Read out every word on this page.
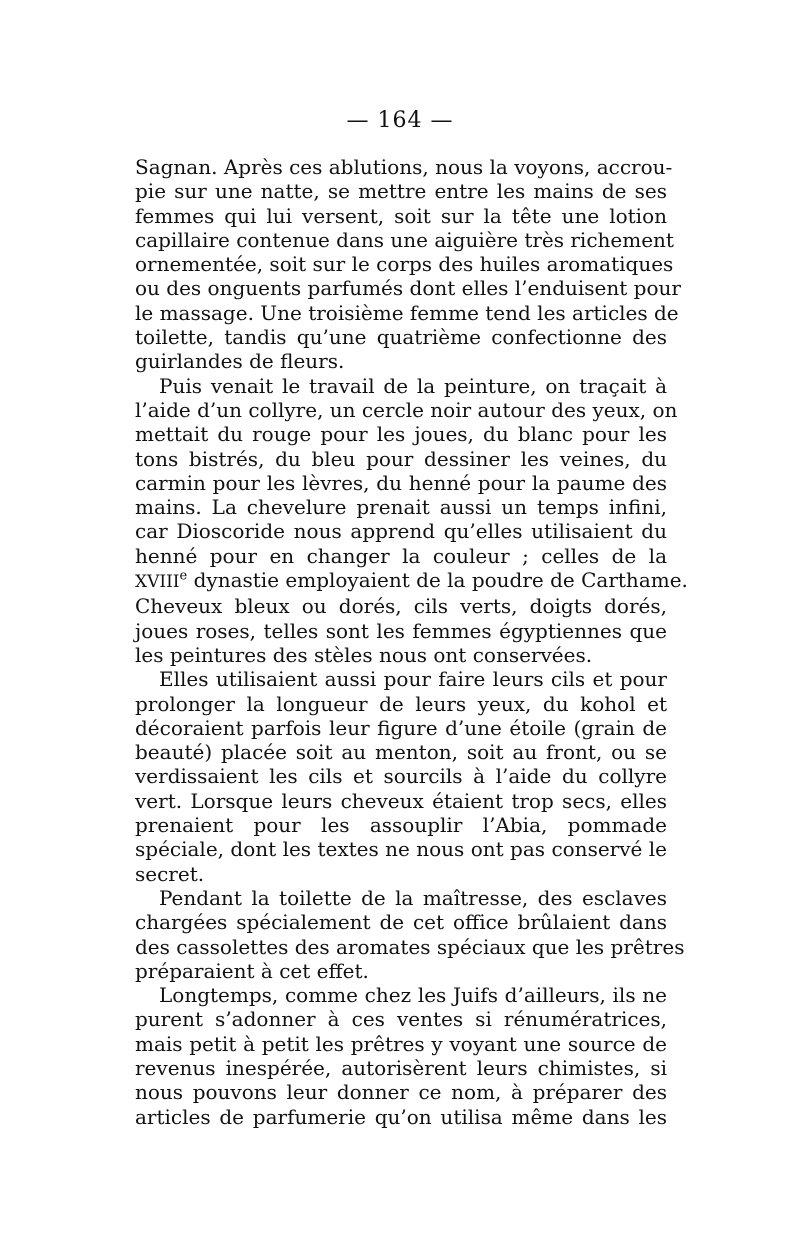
— 164 —
Sagnan. Après ces ablutions, nous la voyons, accrou-
pie sur une natte, se mettre entre les mains de ses
femmes qui lui versent, soit sur la tête une lotion
capillaire contenue dans une aiguière très richement
ornementée, soit sur le corps des huiles aromatiques
ou des onguents parfumés dont elles l’enduisent pour
le massage. Une troisième femme tend les articles de
toilette, tandis qu’une quatrième confectionne des
guirlandes de fleurs.
Puis venait le travail de la peinture, on traçait à
l’aide d’un collyre, un cercle noir autour des yeux, on
mettait du rouge pour les joues, du blanc pour les
tons bistrés, du bleu pour dessiner les veines, du
carmin pour les lèvres, du henné pour la paume des
mains. La chevelure prenait aussi un temps infini,
car Dioscoride nous apprend qu’elles utilisaient du
henné pour en changer la couleur ; celles de la
XVIIIe dynastie employaient de la poudre de Carthame.
Cheveux bleux ou dorés, cils verts, doigts dorés,
joues roses, telles sont les femmes égyptiennes que
les peintures des stèles nous ont conservées.
Elles utilisaient aussi pour faire leurs cils et pour
prolonger la longueur de leurs yeux, du kohol et
décoraient parfois leur figure d’une étoile (grain de
beauté) placée soit au menton, soit au front, ou se
verdissaient les cils et sourcils à l’aide du collyre
vert. Lorsque leurs cheveux étaient trop secs, elles
prenaient pour les assouplir l’Abia, pommade
spéciale, dont les textes ne nous ont pas conservé le
secret.
Pendant la toilette de la maîtresse, des esclaves
chargées spécialement de cet office brûlaient dans
des cassolettes des aromates spéciaux que les prêtres
préparaient à cet effet.
Longtemps, comme chez les Juifs d’ailleurs, ils ne
purent s’adonner à ces ventes si rénumératrices,
mais petit à petit les prêtres y voyant une source de
revenus inespérée, autorisèrent leurs chimistes, si
nous pouvons leur donner ce nom, à préparer des
articles de parfumerie qu’on utilisa même dans les
